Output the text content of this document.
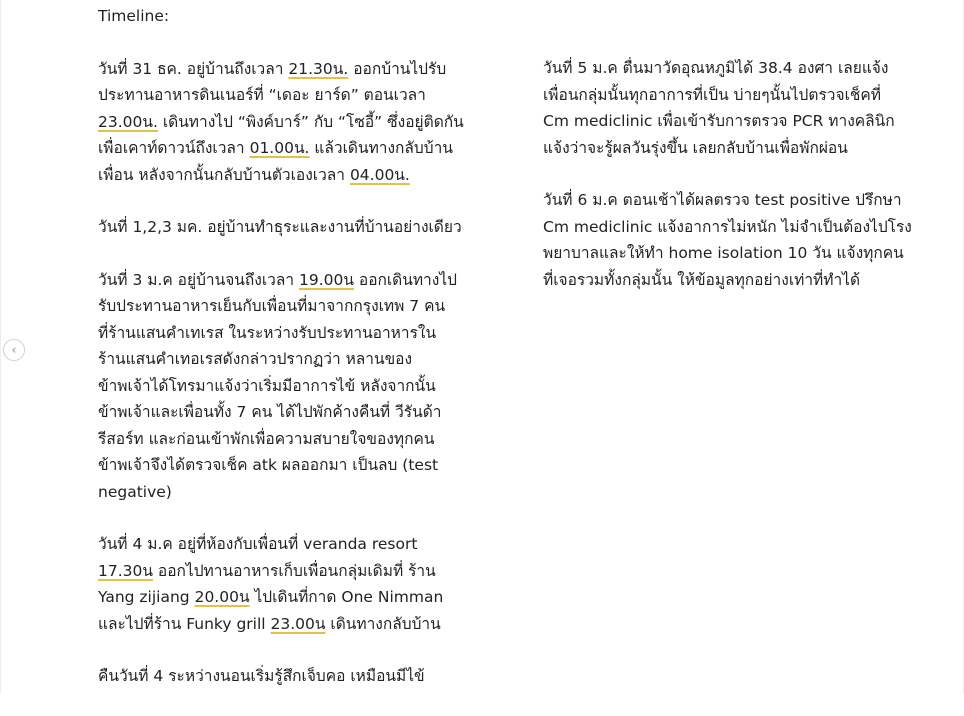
‹

Timeline:

วันที่ 31 ธค. อยู่บ้านถึงเวลา 21.30น. ออกบ้านไปรับ
ประทานอาหารดินเนอร์ที่ “เดอะ ยาร์ด” ตอนเวลา
23.00น. เดินทางไป “พิงค์บาร์” กับ “โซอี้” ซึ่งอยู่ติดกัน
เพื่อเคาท์ดาวน์ถึงเวลา 01.00น. แล้วเดินทางกลับบ้าน
เพื่อน หลังจากนั้นกลับบ้านตัวเองเวลา 04.00น.

วันที่ 1,2,3 มค. อยู่บ้านทำธุระและงานที่บ้านอย่างเดียว

วันที่ 3 ม.ค อยู่บ้านจนถึงเวลา 19.00น ออกเดินทางไป
รับประทานอาหารเย็นกับเพื่อนที่มาจากกรุงเทพ 7 คน
ที่ร้านแสนคำเทเรส ในระหว่างรับประทานอาหารใน
ร้านแสนคำเทอเรสดังกล่าวปรากฏว่า หลานของ
ข้าพเจ้าได้โทรมาแจ้งว่าเริ่มมีอาการไข้ หลังจากนั้น
ข้าพเจ้าและเพื่อนทั้ง 7 คน ได้ไปพักค้างคืนที่ วีรันด้า
รีสอร์ท และก่อนเข้าพักเพื่อความสบายใจของทุกคน
ข้าพเจ้าจึงได้ตรวจเช็ค atk ผลออกมา เป็นลบ (test
negative)

วันที่ 4 ม.ค อยู่ที่ห้องกับเพื่อนที่ veranda resort
17.30น ออกไปทานอาหารเก็บเพื่อนกลุ่มเดิมที่ ร้าน
Yang zijiang 20.00น ไปเดินที่กาด One Nimman
และไปที่ร้าน Funky grill 23.00น เดินทางกลับบ้าน

คืนวันที่ 4 ระหว่างนอนเริ่มรู้สึกเจ็บคอ เหมือนมีไข้

วันที่ 5 ม.ค ตื่นมาวัดอุณหภูมิได้ 38.4 องศา เลยแจ้ง
เพื่อนกลุ่มนั้นทุกอาการที่เป็น บ่ายๆนั้นไปตรวจเช็คที่
Cm mediclinic เพื่อเข้ารับการตรวจ PCR ทางคลินิก
แจ้งว่าจะรู้ผลวันรุ่งขึ้น เลยกลับบ้านเพื่อพักผ่อน

วันที่ 6 ม.ค ตอนเช้าได้ผลตรวจ test positive ปรึกษา
Cm mediclinic แจ้งอาการไม่หนัก ไม่จำเป็นต้องไปโรง
พยาบาลและให้ทำ home isolation 10 วัน แจ้งทุกคน
ที่เจอรวมทั้งกลุ่มนั้น ให้ข้อมูลทุกอย่างเท่าที่ทำได้
